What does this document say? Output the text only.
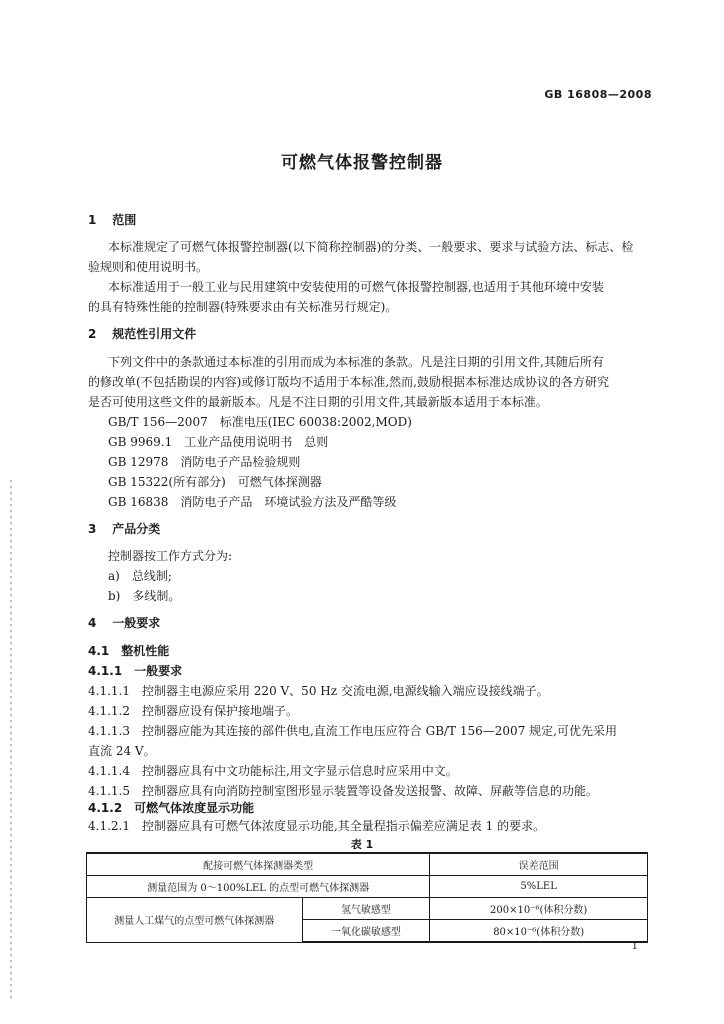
GB 16808—2008
可燃气体报警控制器
1 范围
本标准规定了可燃气体报警控制器(以下简称控制器)的分类、一般要求、要求与试验方法、标志、检
验规则和使用说明书。
本标准适用于一般工业与民用建筑中安装使用的可燃气体报警控制器,也适用于其他环境中安装
的具有特殊性能的控制器(特殊要求由有关标准另行规定)。
2 规范性引用文件
下列文件中的条款通过本标准的引用而成为本标准的条款。凡是注日期的引用文件,其随后所有
的修改单(不包括勘误的内容)或修订版均不适用于本标准,然而,鼓励根据本标准达成协议的各方研究
是否可使用这些文件的最新版本。凡是不注日期的引用文件,其最新版本适用于本标准。
GB/T 156—2007　标准电压(IEC 60038:2002,MOD)
GB 9969.1　工业产品使用说明书　总则
GB 12978　消防电子产品检验规则
GB 15322(所有部分)　可燃气体探测器
GB 16838　消防电子产品　环境试验方法及严酷等级
3 产品分类
控制器按工作方式分为:
a)　总线制;
b)　多线制。
4 一般要求
4.1　整机性能
4.1.1　一般要求
4.1.1.1　控制器主电源应采用 220 V、50 Hz 交流电源,电源线输入端应设接线端子。
4.1.1.2　控制器应设有保护接地端子。
4.1.1.3　控制器应能为其连接的部件供电,直流工作电压应符合 GB/T 156—2007 规定,可优先采用
直流 24 V。
4.1.1.4　控制器应具有中文功能标注,用文字显示信息时应采用中文。
4.1.1.5　控制器应具有向消防控制室图形显示装置等设备发送报警、故障、屏蔽等信息的功能。
4.1.2　可燃气体浓度显示功能
4.1.2.1　控制器应具有可燃气体浓度显示功能,其全量程指示偏差应满足表 1 的要求。
表 1
配接可燃气体探测器类型		误差范围
测量范围为 0～100%LEL 的点型可燃气体探测器		5%LEL
测量人工煤气的点型可燃气体探测器	氢气敏感型	200×10⁻⁶(体积分数)
	一氧化碳敏感型	80×10⁻⁶(体积分数)
1
